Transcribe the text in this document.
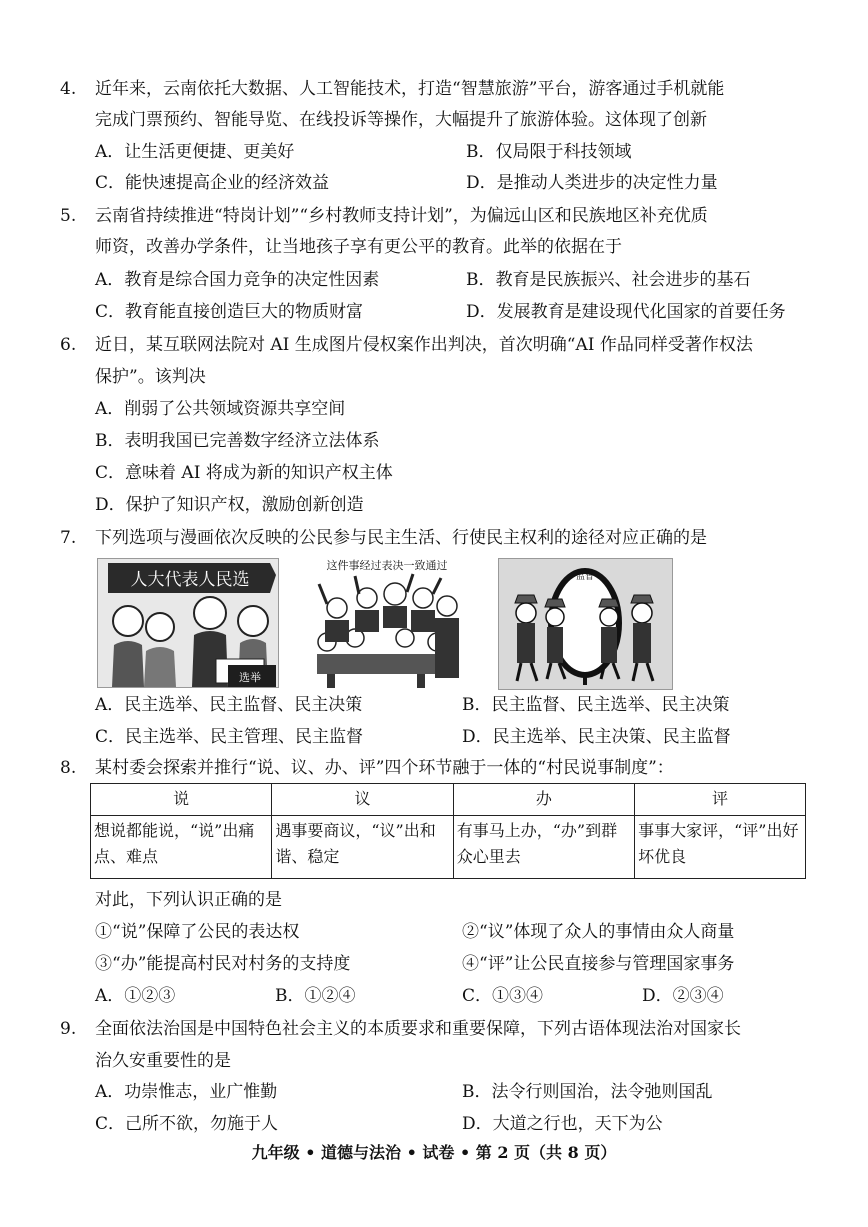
4. 近年来，云南依托大数据、人工智能技术，打造“智慧旅游”平台，游客通过手机就能
完成门票预约、智能导览、在线投诉等操作，大幅提升了旅游体验。这体现了创新
A．让生活更便捷、更美好	B．仅局限于科技领域
C．能快速提高企业的经济效益	D．是推动人类进步的决定性力量
5. 云南省持续推进“特岗计划”“乡村教师支持计划”，为偏远山区和民族地区补充优质
师资，改善办学条件，让当地孩子享有更公平的教育。此举的依据在于
A．教育是综合国力竞争的决定性因素	B．教育是民族振兴、社会进步的基石
C．教育能直接创造巨大的物质财富	D．发展教育是建设现代化国家的首要任务
6. 近日，某互联网法院对 AI 生成图片侵权案作出判决，首次明确“AI 作品同样受著作权法
保护”。该判决
A．削弱了公共领域资源共享空间
B．表明我国已完善数字经济立法体系
C．意味着 AI 将成为新的知识产权主体
D．保护了知识产权，激励创新创造
7. 下列选项与漫画依次反映的公民参与民主生活、行使民主权利的途径对应正确的是
人大代表人民选
选举
这件事经过表决一致通过
监督
A．民主选举、民主监督、民主决策	B．民主监督、民主选举、民主决策
C．民主选举、民主管理、民主监督	D．民主选举、民主决策、民主监督
8. 某村委会探索并推行“说、议、办、评”四个环节融于一体的“村民说事制度”：
说	议	办	评
想说都能说，“说”出痛点、难点	遇事要商议，“议”出和谐、稳定	有事马上办，“办”到群众心里去	事事大家评，“评”出好坏优良
对此，下列认识正确的是
①“说”保障了公民的表达权	②“议”体现了众人的事情由众人商量
③“办”能提高村民对村务的支持度	④“评”让公民直接参与管理国家事务
A．①②③	B．①②④	C．①③④	D．②③④
9. 全面依法治国是中国特色社会主义的本质要求和重要保障，下列古语体现法治对国家长
治久安重要性的是
A．功崇惟志，业广惟勤	B．法令行则国治，法令弛则国乱
C．己所不欲，勿施于人	D．大道之行也，天下为公
九年级 • 道德与法治 • 试卷 • 第 2 页（共 8 页）
